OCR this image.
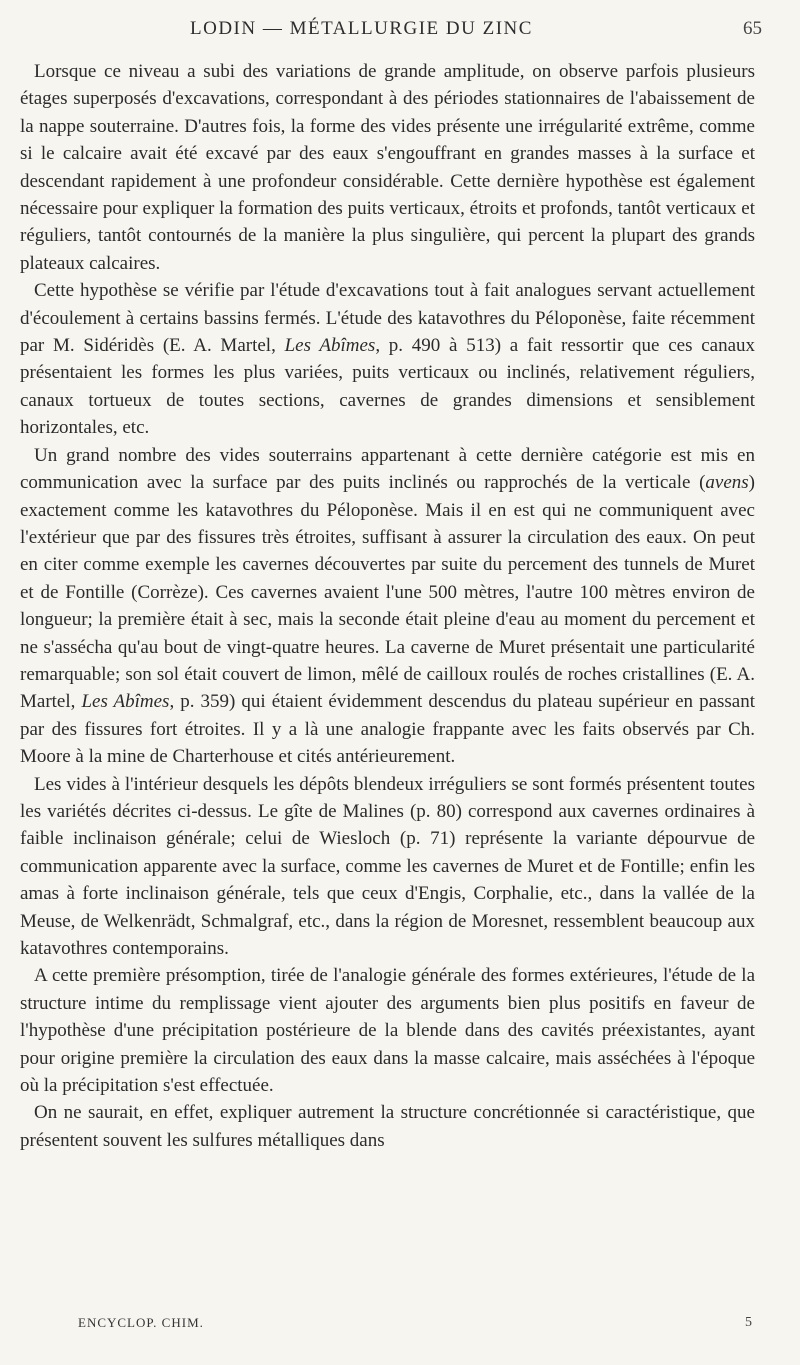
LODIN — MÉTALLURGIE DU ZINC	65

Lorsque ce niveau a subi des variations de grande amplitude, on observe parfois plusieurs étages superposés d'excavations, correspondant à des périodes stationnaires de l'abaissement de la nappe souterraine. D'autres fois, la forme des vides présente une irrégularité extrême, comme si le calcaire avait été excavé par des eaux s'engouffrant en grandes masses à la surface et descendant rapidement à une profondeur considérable. Cette dernière hypothèse est également nécessaire pour expliquer la formation des puits verticaux, étroits et profonds, tantôt verticaux et réguliers, tantôt contournés de la manière la plus singulière, qui percent la plupart des grands plateaux calcaires.

Cette hypothèse se vérifie par l'étude d'excavations tout à fait analogues servant actuellement d'écoulement à certains bassins fermés. L'étude des katavothres du Péloponèse, faite récemment par M. Sidéridès (E. A. Martel, Les Abîmes, p. 490 à 513) a fait ressortir que ces canaux présentaient les formes les plus variées, puits verticaux ou inclinés, relativement réguliers, canaux tortueux de toutes sections, cavernes de grandes dimensions et sensiblement horizontales, etc.

Un grand nombre des vides souterrains appartenant à cette dernière catégorie est mis en communication avec la surface par des puits inclinés ou rapprochés de la verticale (avens) exactement comme les katavothres du Péloponèse. Mais il en est qui ne communiquent avec l'extérieur que par des fissures très étroites, suffisant à assurer la circulation des eaux. On peut en citer comme exemple les cavernes découvertes par suite du percement des tunnels de Muret et de Fontille (Corrèze). Ces cavernes avaient l'une 500 mètres, l'autre 100 mètres environ de longueur; la première était à sec, mais la seconde était pleine d'eau au moment du percement et ne s'assécha qu'au bout de vingt-quatre heures. La caverne de Muret présentait une particularité remarquable; son sol était couvert de limon, mêlé de cailloux roulés de roches cristallines (E. A. Martel, Les Abîmes, p. 359) qui étaient évidemment descendus du plateau supérieur en passant par des fissures fort étroites. Il y a là une analogie frappante avec les faits observés par Ch. Moore à la mine de Charterhouse et cités antérieurement.

Les vides à l'intérieur desquels les dépôts blendeux irréguliers se sont formés présentent toutes les variétés décrites ci-dessus. Le gîte de Malines (p. 80) correspond aux cavernes ordinaires à faible inclinaison générale; celui de Wiesloch (p. 71) représente la variante dépourvue de communication apparente avec la surface, comme les cavernes de Muret et de Fontille; enfin les amas à forte inclinaison générale, tels que ceux d'Engis, Corphalie, etc., dans la vallée de la Meuse, de Welkenrädt, Schmalgraf, etc., dans la région de Moresnet, ressemblent beaucoup aux katavothres contemporains.

A cette première présomption, tirée de l'analogie générale des formes extérieures, l'étude de la structure intime du remplissage vient ajouter des arguments bien plus positifs en faveur de l'hypothèse d'une précipitation postérieure de la blende dans des cavités préexistantes, ayant pour origine première la circulation des eaux dans la masse calcaire, mais asséchées à l'époque où la précipitation s'est effectuée.

On ne saurait, en effet, expliquer autrement la structure concrétionnée si caractéristique, que présentent souvent les sulfures métalliques dans

ENCYCLOP. CHIM.	5
